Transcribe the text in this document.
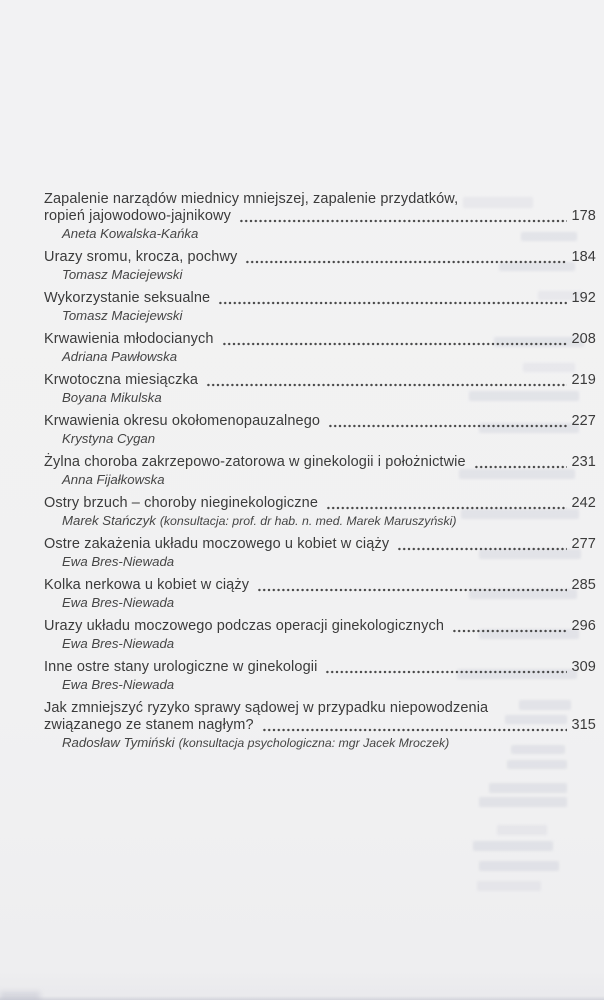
Zapalenie narządów miednicy mniejszej, zapalenie przydatków,
ropień jajowodowo-jajnikowy	178
Aneta Kowalska-Kańka
Urazy sromu, krocza, pochwy	184
Tomasz Maciejewski
Wykorzystanie seksualne	192
Tomasz Maciejewski
Krwawienia młodocianych	208
Adriana Pawłowska
Krwotoczna miesiączka	219
Boyana Mikulska
Krwawienia okresu okołomenopauzalnego	227
Krystyna Cygan
Żylna choroba zakrzepowo-zatorowa w ginekologii i położnictwie	231
Anna Fijałkowska
Ostry brzuch – choroby nieginekologiczne	242
Marek Stańczyk (konsultacja: prof. dr hab. n. med. Marek Maruszyński)
Ostre zakażenia układu moczowego u kobiet w ciąży	277
Ewa Bres-Niewada
Kolka nerkowa u kobiet w ciąży	285
Ewa Bres-Niewada
Urazy układu moczowego podczas operacji ginekologicznych	296
Ewa Bres-Niewada
Inne ostre stany urologiczne w ginekologii	309
Ewa Bres-Niewada
Jak zmniejszyć ryzyko sprawy sądowej w przypadku niepowodzenia
związanego ze stanem nagłym?	315
Radosław Tymiński (konsultacja psychologiczna: mgr Jacek Mroczek)
